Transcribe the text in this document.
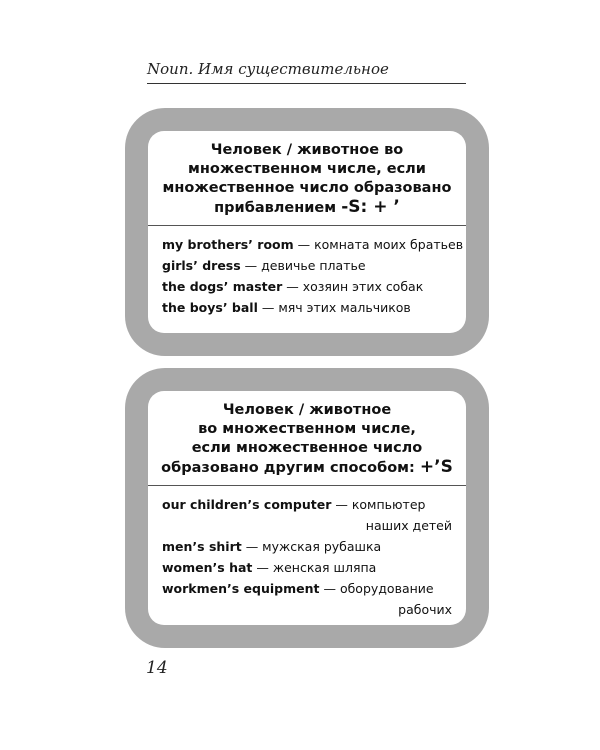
Noun. Имя существительное
Человек / животное во
множественном числе, если
множественное число образовано
прибавлением -S: + ’
my brothers’ room — комната моих братьев
girls’ dress — девичье платье
the dogs’ master — хозяин этих собак
the boys’ ball — мяч этих мальчиков
Человек / животное
во множественном числе,
если множественное число
образовано другим способом: +’S
our children’s computer — компьютер
наших детей
men’s shirt — мужская рубашка
women’s hat — женская шляпа
workmen’s equipment — оборудование
рабочих
14
